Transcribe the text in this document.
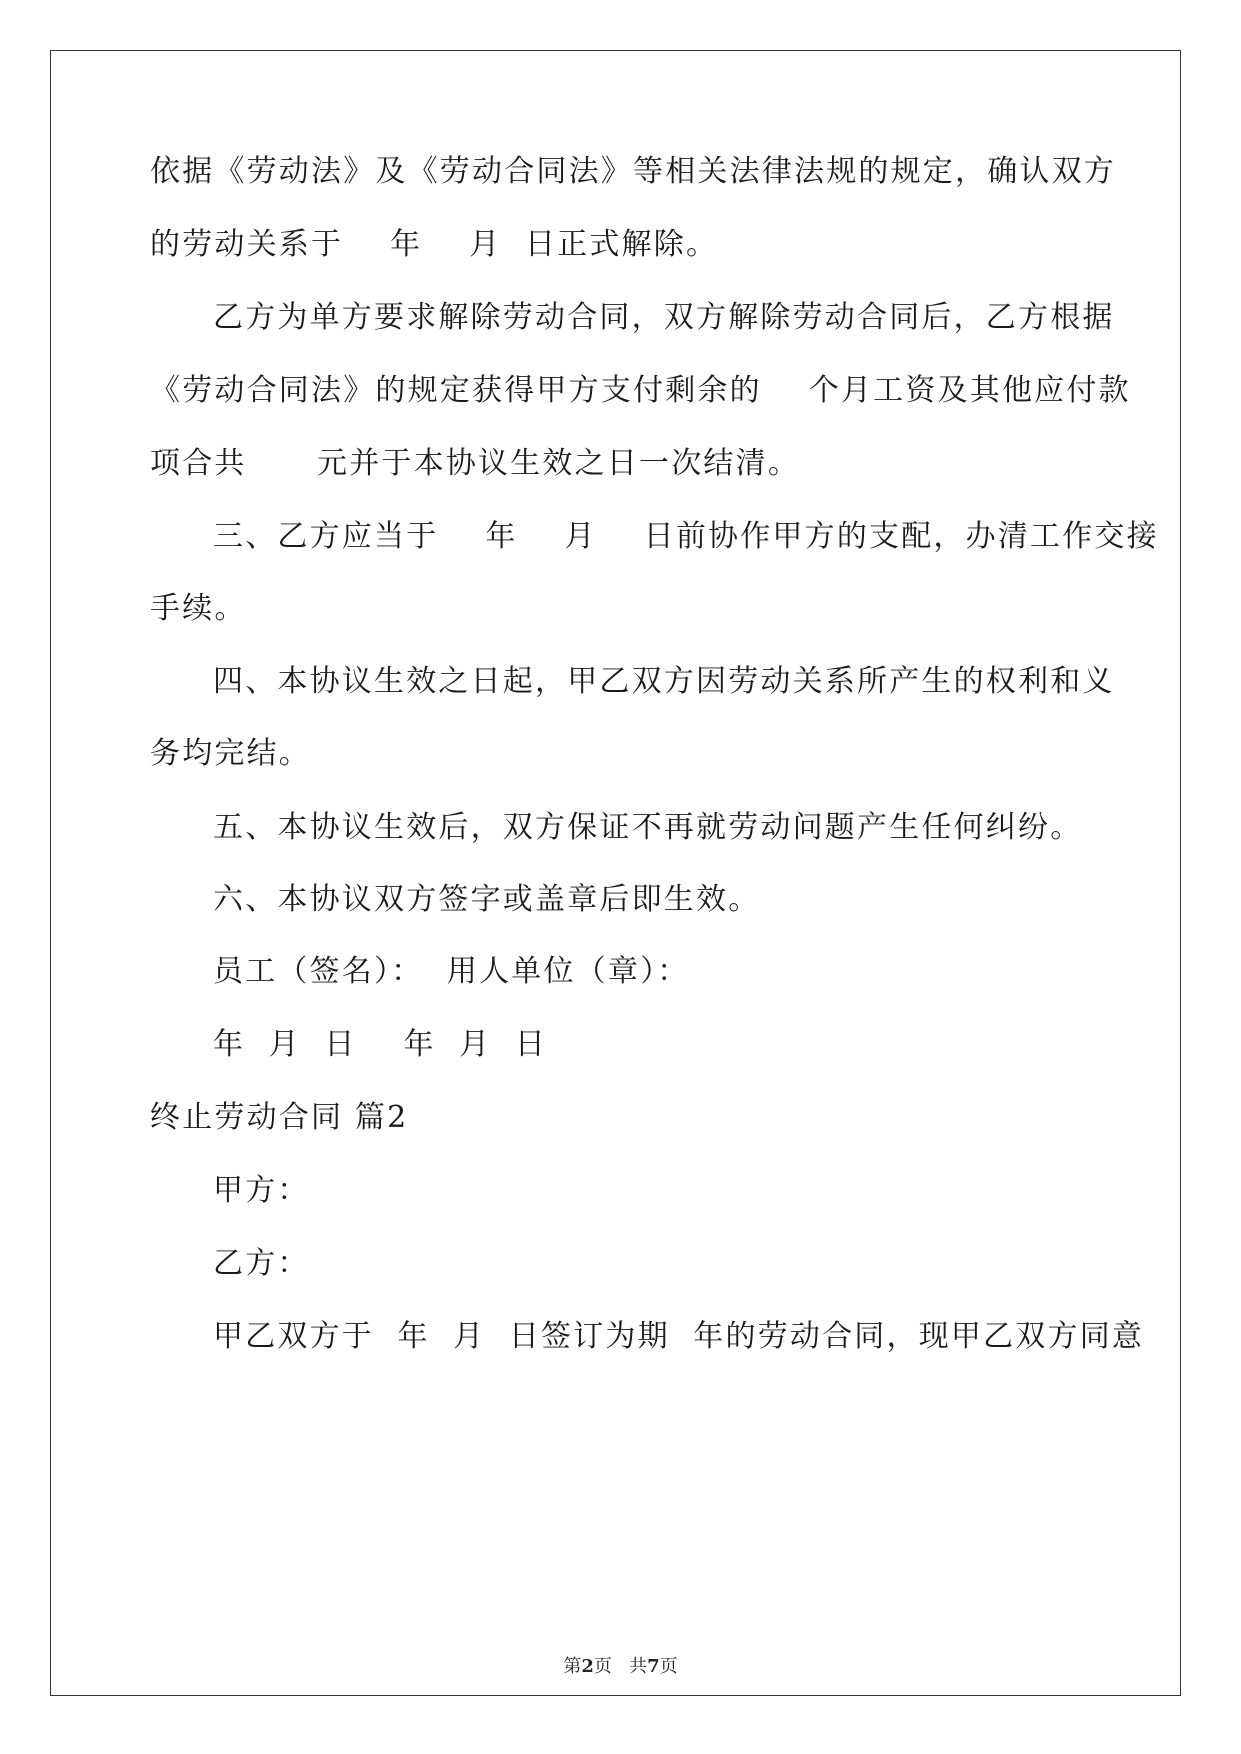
依据《劳动法》及《劳动合同法》等相关法律法规的规定，确认双方
的劳动关系于    年    月  日正式解除。
乙方为单方要求解除劳动合同，双方解除劳动合同后，乙方根据
《劳动合同法》的规定获得甲方支付剩余的    个月工资及其他应付款
项合共      元并于本协议生效之日一次结清。
三、乙方应当于    年    月    日前协作甲方的支配，办清工作交接
手续。
四、本协议生效之日起，甲乙双方因劳动关系所产生的权利和义
务均完结。
五、本协议生效后，双方保证不再就劳动问题产生任何纠纷。
六、本协议双方签字或盖章后即生效。
员工（签名）：  用人单位（章）：
年  月  日    年  月  日
终止劳动合同 篇2
甲方：
乙方：
甲乙双方于  年  月  日签订为期  年的劳动合同，现甲乙双方同意
第2页 共7页
